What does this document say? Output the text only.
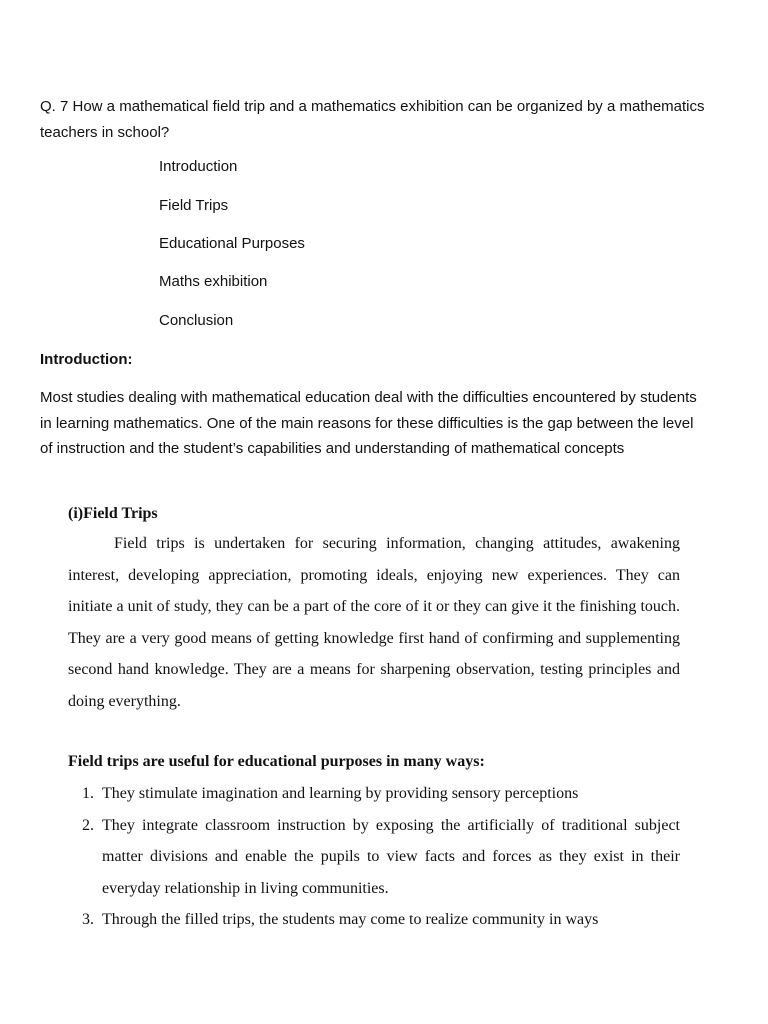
Q. 7 How a mathematical field trip and a mathematics exhibition can be organized by a mathematics teachers in school?

Introduction
Field Trips
Educational Purposes
Maths exhibition
Conclusion
Introduction:

Most studies dealing with mathematical education deal with the difficulties encountered by students in learning mathematics. One of the main reasons for these difficulties is the gap between the level of instruction and the student’s capabilities and understanding of mathematical concepts

(i)Field Trips

Field trips is undertaken for securing information, changing attitudes, awakening interest, developing appreciation, promoting ideals, enjoying new experiences. They can initiate a unit of study, they can be a part of the core of it or they can give it the finishing touch. They are a very good means of getting knowledge first hand of confirming and supplementing second hand knowledge. They are a means for sharpening observation, testing principles and doing everything.

Field trips are useful for educational purposes in many ways:
1. They stimulate imagination and learning by providing sensory perceptions
2. They integrate classroom instruction by exposing the artificially of traditional subject matter divisions and enable the pupils to view facts and forces as they exist in their everyday relationship in living communities.
3. Through the filled trips, the students may come to realize community in ways
